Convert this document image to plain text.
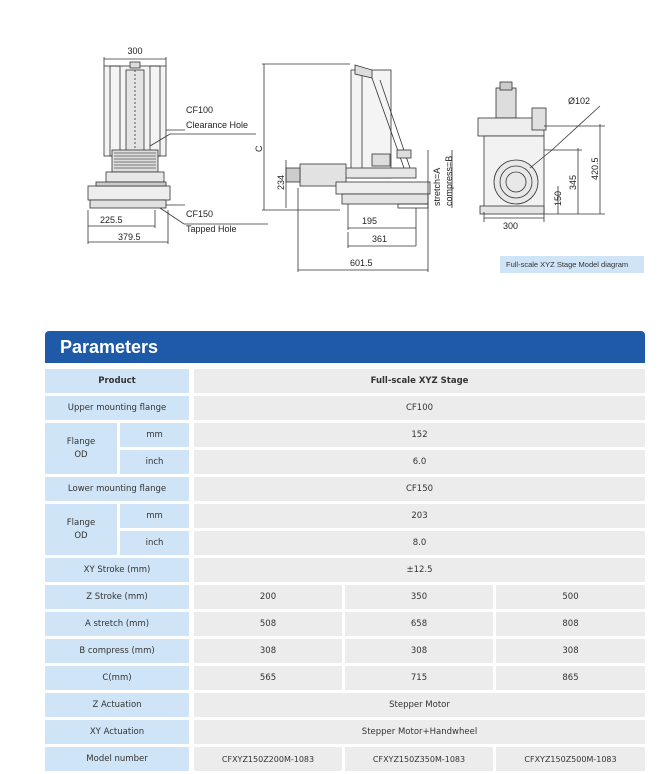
300
CF100
Clearance Hole
CF150
Tapped Hole
225.5
379.5
C
234
195
361
601.5
stretch=A compress=B
Ø102
150
345
420.5
300
Full-scale XYZ Stage Model diagram
Parameters
Product	Full-scale XYZ Stage
Upper mounting flange	CF100
Flange
OD
mm	152
inch	6.0
Lower mounting flange	CF150
Flange
OD
mm	203
inch	8.0
XY Stroke (mm)	±12.5
Z Stroke (mm)	200	350	500
A stretch (mm)	508	658	808
B compress (mm)	308	308	308
C(mm)	565	715	865
Z Actuation	Stepper Motor
XY Actuation	Stepper Motor+Handwheel
Model number	CFXYZ150Z200M-1083	CFXYZ150Z350M-1083	CFXYZ150Z500M-1083
